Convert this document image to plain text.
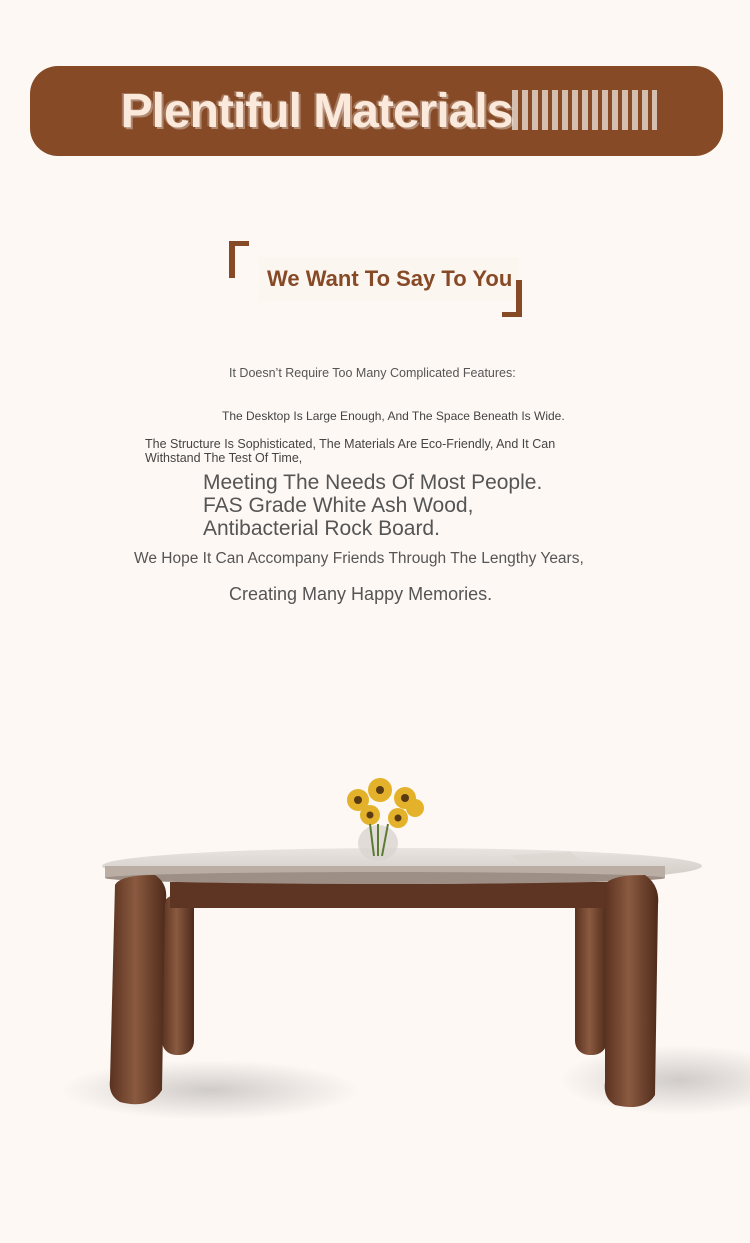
Plentiful Materials
We Want To Say To You
It Doesn’t Require Too Many Complicated Features:
The Desktop Is Large Enough, And The Space Beneath Is Wide.
The Structure Is Sophisticated, The Materials Are Eco-Friendly, And It Can Withstand The Test Of Time,
Meeting The Needs Of Most People. FAS Grade White Ash Wood, Antibacterial Rock Board.
We Hope It Can Accompany Friends Through The Lengthy Years,
Creating Many Happy Memories.
